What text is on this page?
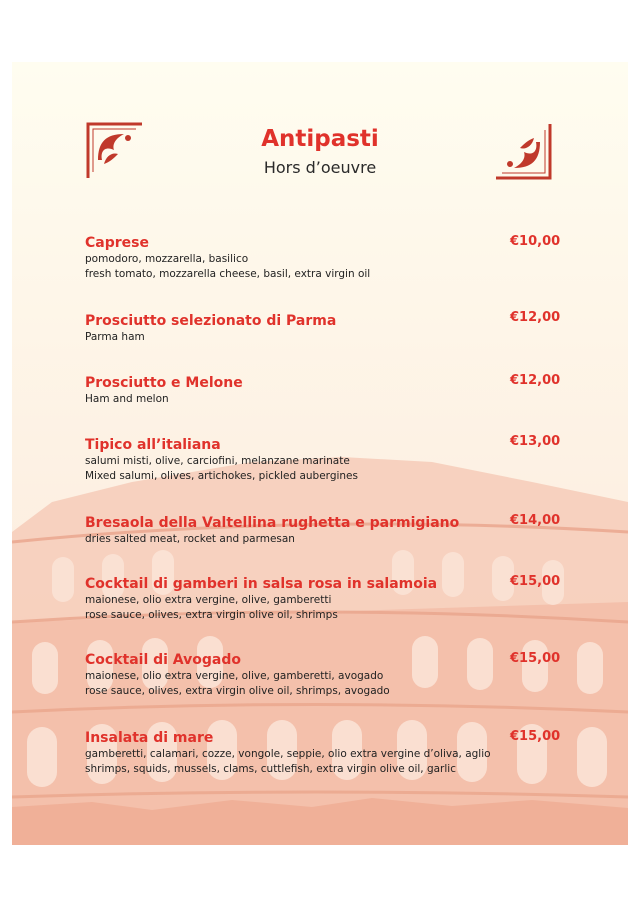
Antipasti
Hors d’oeuvre
Caprese
pomodoro, mozzarella, basilico
fresh tomato, mozzarella cheese, basil, extra virgin oil
€10,00
Prosciutto selezionato di Parma
Parma ham
€12,00
Prosciutto e Melone
Ham and melon
€12,00
Tipico all’italiana
salumi misti, olive, carciofini, melanzane marinate
Mixed salumi, olives, artichokes, pickled aubergines
€13,00
Bresaola della Valtellina rughetta e parmigiano
dries salted meat, rocket and parmesan
€14,00
Cocktail di gamberi in salsa rosa in salamoia
maionese, olio extra vergine, olive, gamberetti
rose sauce, olives, extra virgin olive oil, shrimps
€15,00
Cocktail di Avogado
maionese, olio extra vergine, olive, gamberetti, avogado
rose sauce, olives, extra virgin olive oil, shrimps, avogado
€15,00
Insalata di mare
gamberetti, calamari, cozze, vongole, seppie, olio extra vergine d’oliva, aglio
shrimps, squids, mussels, clams, cuttlefish, extra virgin olive oil, garlic
€15,00
